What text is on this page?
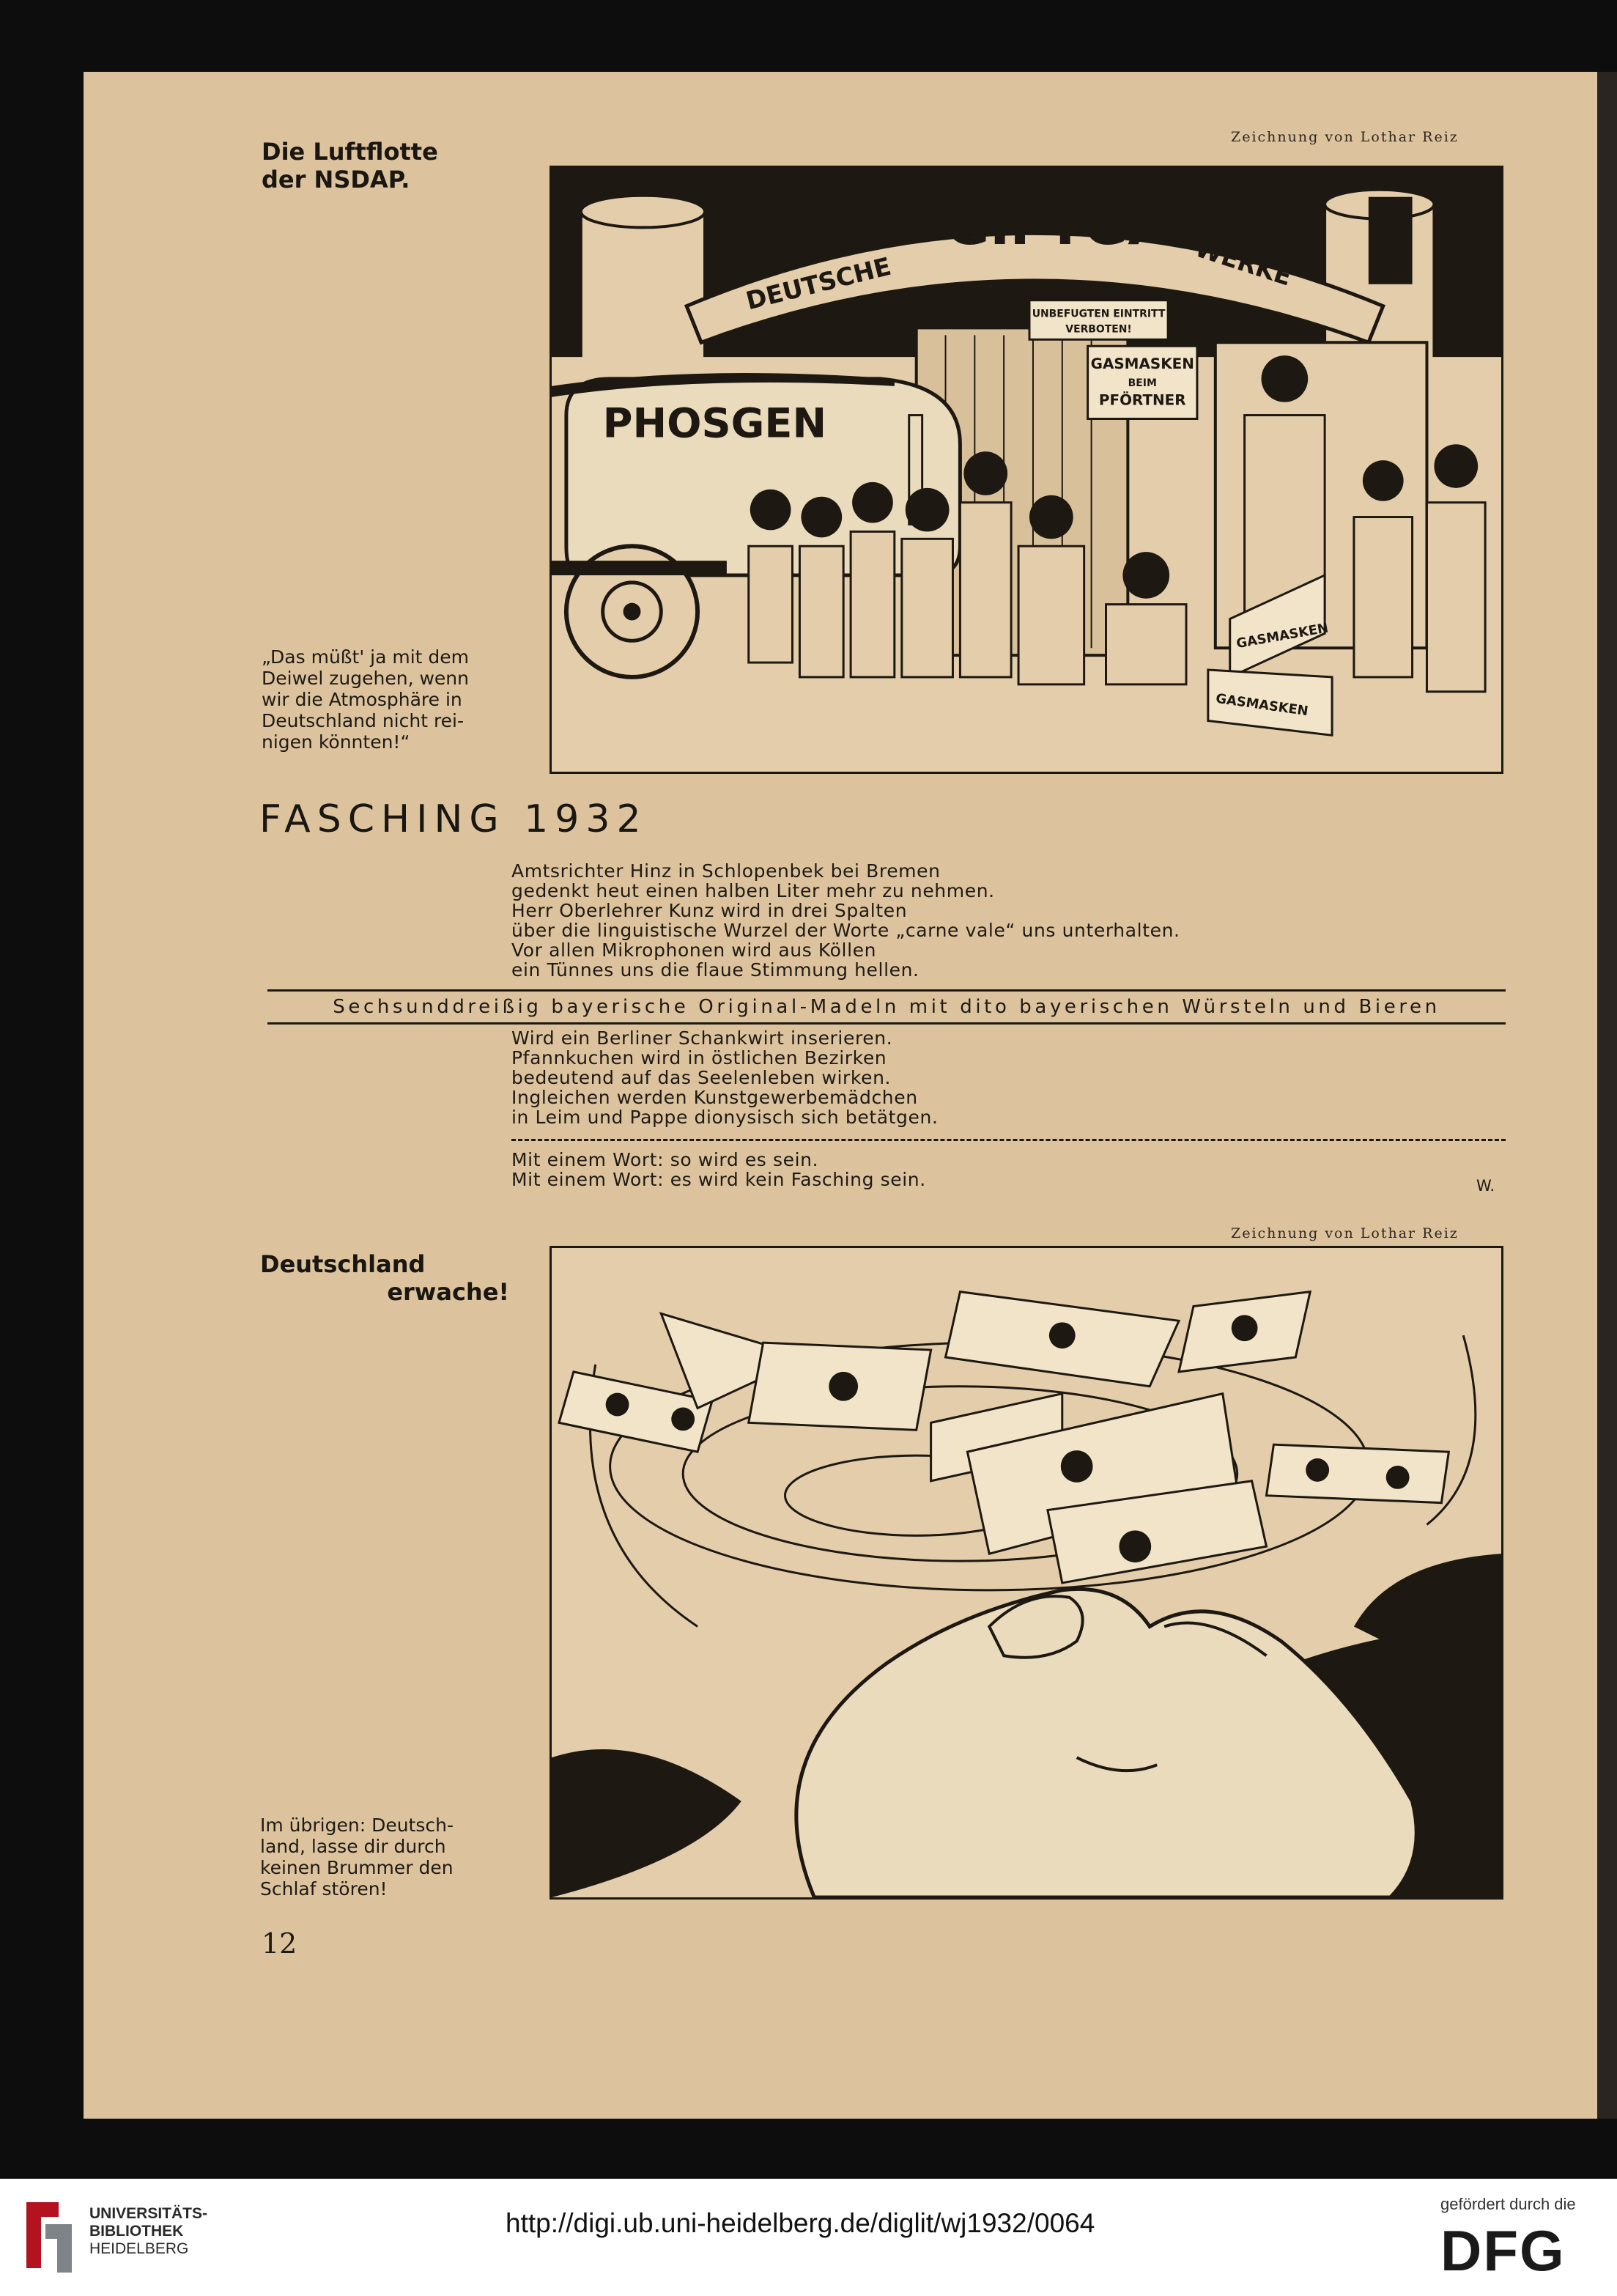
Die Luftflotte
der NSDAP.
Zeichnung von Lothar Reiz
DEUTSCHE
GIFTGAS
WERKE
UNBEFUGTEN EINTRITT
VERBOTEN!
GASMASKEN
BEIM
PFÖRTNER
PHOSGEN
GASMASKEN
GASMASKEN
„Das müßt' ja mit dem
Deiwel zugehen, wenn
wir die Atmosphäre in
Deutschland nicht rei-
nigen könnten!“
FASCHING 1932
Amtsrichter Hinz in Schlopenbek bei Bremen
gedenkt heut einen halben Liter mehr zu nehmen.
Herr Oberlehrer Kunz wird in drei Spalten
über die linguistische Wurzel der Worte „carne vale“ uns unterhalten.
Vor allen Mikrophonen wird aus Köllen
ein Tünnes uns die flaue Stimmung hellen.
Sechsunddreißig bayerische Original-Madeln mit dito bayerischen Würsteln und Bieren
Wird ein Berliner Schankwirt inserieren.
Pfannkuchen wird in östlichen Bezirken
bedeutend auf das Seelenleben wirken.
Ingleichen werden Kunstgewerbemädchen
in Leim und Pappe dionysisch sich betätgen.
Mit einem Wort: so wird es sein.
Mit einem Wort: es wird kein Fasching sein.	W.
Zeichnung von Lothar Reiz
Deutschland
erwache!
Im übrigen: Deutsch-
land, lasse dir durch
keinen Brummer den
Schlaf stören!
12
UNIVERSITÄTS-
BIBLIOTHEK
HEIDELBERG
http://digi.ub.uni-heidelberg.de/diglit/wj1932/0064
gefördert durch die
DFG
